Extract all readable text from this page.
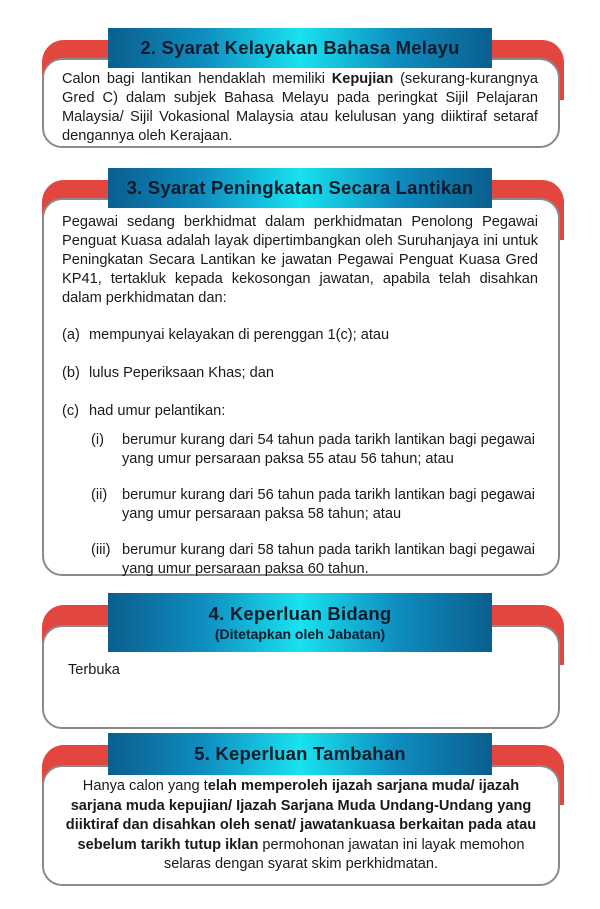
Calon bagi lantikan hendaklah memiliki Kepujian (sekurang-kurangnya Gred C) dalam subjek Bahasa Melayu pada peringkat Sijil Pelajaran Malaysia/ Sijil Vokasional Malaysia atau kelulusan yang diiktiraf setaraf dengannya oleh Kerajaan.
2. Syarat Kelayakan Bahasa Melayu
Pegawai sedang berkhidmat dalam perkhidmatan Penolong Pegawai Penguat Kuasa adalah layak dipertimbangkan oleh Suruhanjaya ini untuk Peningkatan Secara Lantikan ke jawatan Pegawai Penguat Kuasa Gred KP41, tertakluk kepada kekosongan jawatan, apabila telah disahkan dalam perkhidmatan dan:
(a) mempunyai kelayakan di perenggan 1(c); atau
(b) lulus Peperiksaan Khas; dan
(c) had umur pelantikan:
(i)	berumur kurang dari 54 tahun pada tarikh lantikan bagi pegawai yang umur persaraan paksa 55 atau 56 tahun; atau
(ii)	berumur kurang dari 56 tahun pada tarikh lantikan bagi pegawai yang umur persaraan paksa 58 tahun; atau
(iii) berumur kurang dari 58 tahun pada tarikh lantikan bagi pegawai yang umur persaraan paksa 60 tahun.
3. Syarat Peningkatan Secara Lantikan
Terbuka
4. Keperluan Bidang
(Ditetapkan oleh Jabatan)
Hanya calon yang telah memperoleh ijazah sarjana muda/ ijazah sarjana muda kepujian/ Ijazah Sarjana Muda Undang-Undang yang diiktiraf dan disahkan oleh senat/ jawatankuasa berkaitan pada atau sebelum tarikh tutup iklan permohonan jawatan ini layak memohon selaras dengan syarat skim perkhidmatan.
5. Keperluan Tambahan
